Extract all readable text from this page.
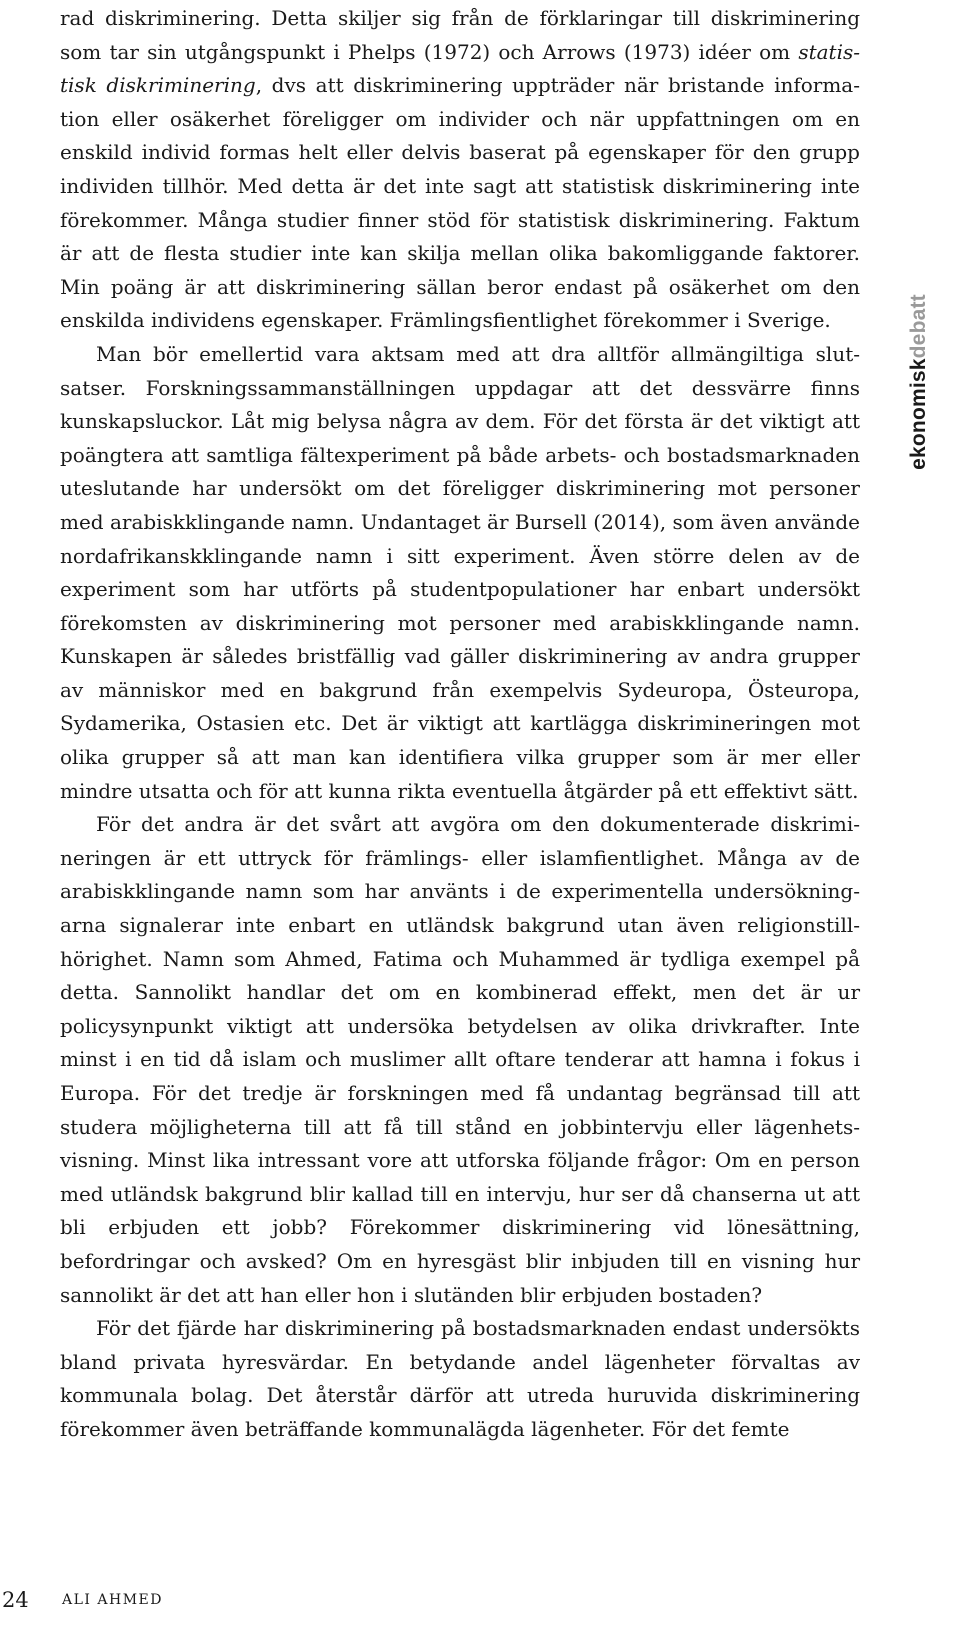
rad diskriminering. Detta skiljer sig från de förklaringar till diskriminering som tar sin utgångspunkt i Phelps (1972) och Arrows (1973) idéer om statistisk diskriminering, dvs att diskriminering uppträder när bristande information eller osäkerhet föreligger om individer och när uppfattningen om en enskild individ formas helt eller delvis baserat på egenskaper för den grupp individen tillhör. Med detta är det inte sagt att statistisk diskriminering inte förekommer. Många studier finner stöd för statistisk diskriminering. Faktum är att de flesta studier inte kan skilja mellan olika bakomliggande faktorer. Min poäng är att diskriminering sällan beror endast på osäkerhet om den enskilda individens egenskaper. Främlingsfientlighet förekommer i Sverige.

Man bör emellertid vara aktsam med att dra alltför allmängiltiga slutsatser. Forskningssammanställningen uppdagar att det dessvärre finns kunskapsluckor. Låt mig belysa några av dem. För det första är det viktigt att poängtera att samtliga fältexperiment på både arbets- och bostadsmarknaden uteslutande har undersökt om det föreligger diskriminering mot personer med arabiskklingande namn. Undantaget är Bursell (2014), som även använde nordafrikanskklingande namn i sitt experiment. Även större delen av de experiment som har utförts på studentpopulationer har enbart undersökt förekomsten av diskriminering mot personer med arabiskklingande namn. Kunskapen är således bristfällig vad gäller diskriminering av andra grupper av människor med en bakgrund från exempelvis Sydeuropa, Östeuropa, Sydamerika, Ostasien etc. Det är viktigt att kartlägga diskrimineringen mot olika grupper så att man kan identifiera vilka grupper som är mer eller mindre utsatta och för att kunna rikta eventuella åtgärder på ett effektivt sätt.

För det andra är det svårt att avgöra om den dokumenterade diskrimineringen är ett uttryck för främlings- eller islamfientlighet. Många av de arabiskklingande namn som har använts i de experimentella undersökningarna signalerar inte enbart en utländsk bakgrund utan även religionstillhörighet. Namn som Ahmed, Fatima och Muhammed är tydliga exempel på detta. Sannolikt handlar det om en kombinerad effekt, men det är ur policysynpunkt viktigt att undersöka betydelsen av olika drivkrafter. Inte minst i en tid då islam och muslimer allt oftare tenderar att hamna i fokus i Europa. För det tredje är forskningen med få undantag begränsad till att studera möjligheterna till att få till stånd en jobbintervju eller lägenhetsvisning. Minst lika intressant vore att utforska följande frågor: Om en person med utländsk bakgrund blir kallad till en intervju, hur ser då chanserna ut att bli erbjuden ett jobb? Förekommer diskriminering vid lönesättning, befordringar och avsked? Om en hyresgäst blir inbjuden till en visning hur sannolikt är det att han eller hon i slutänden blir erbjuden bostaden?

För det fjärde har diskriminering på bostadsmarknaden endast undersökts bland privata hyresvärdar. En betydande andel lägenheter förvaltas av kommunala bolag. Det återstår därför att utreda huruvida diskriminering förekommer även beträffande kommunalägda lägenheter. För det femte

ekonomiskdebatt
24 ALI AHMED
